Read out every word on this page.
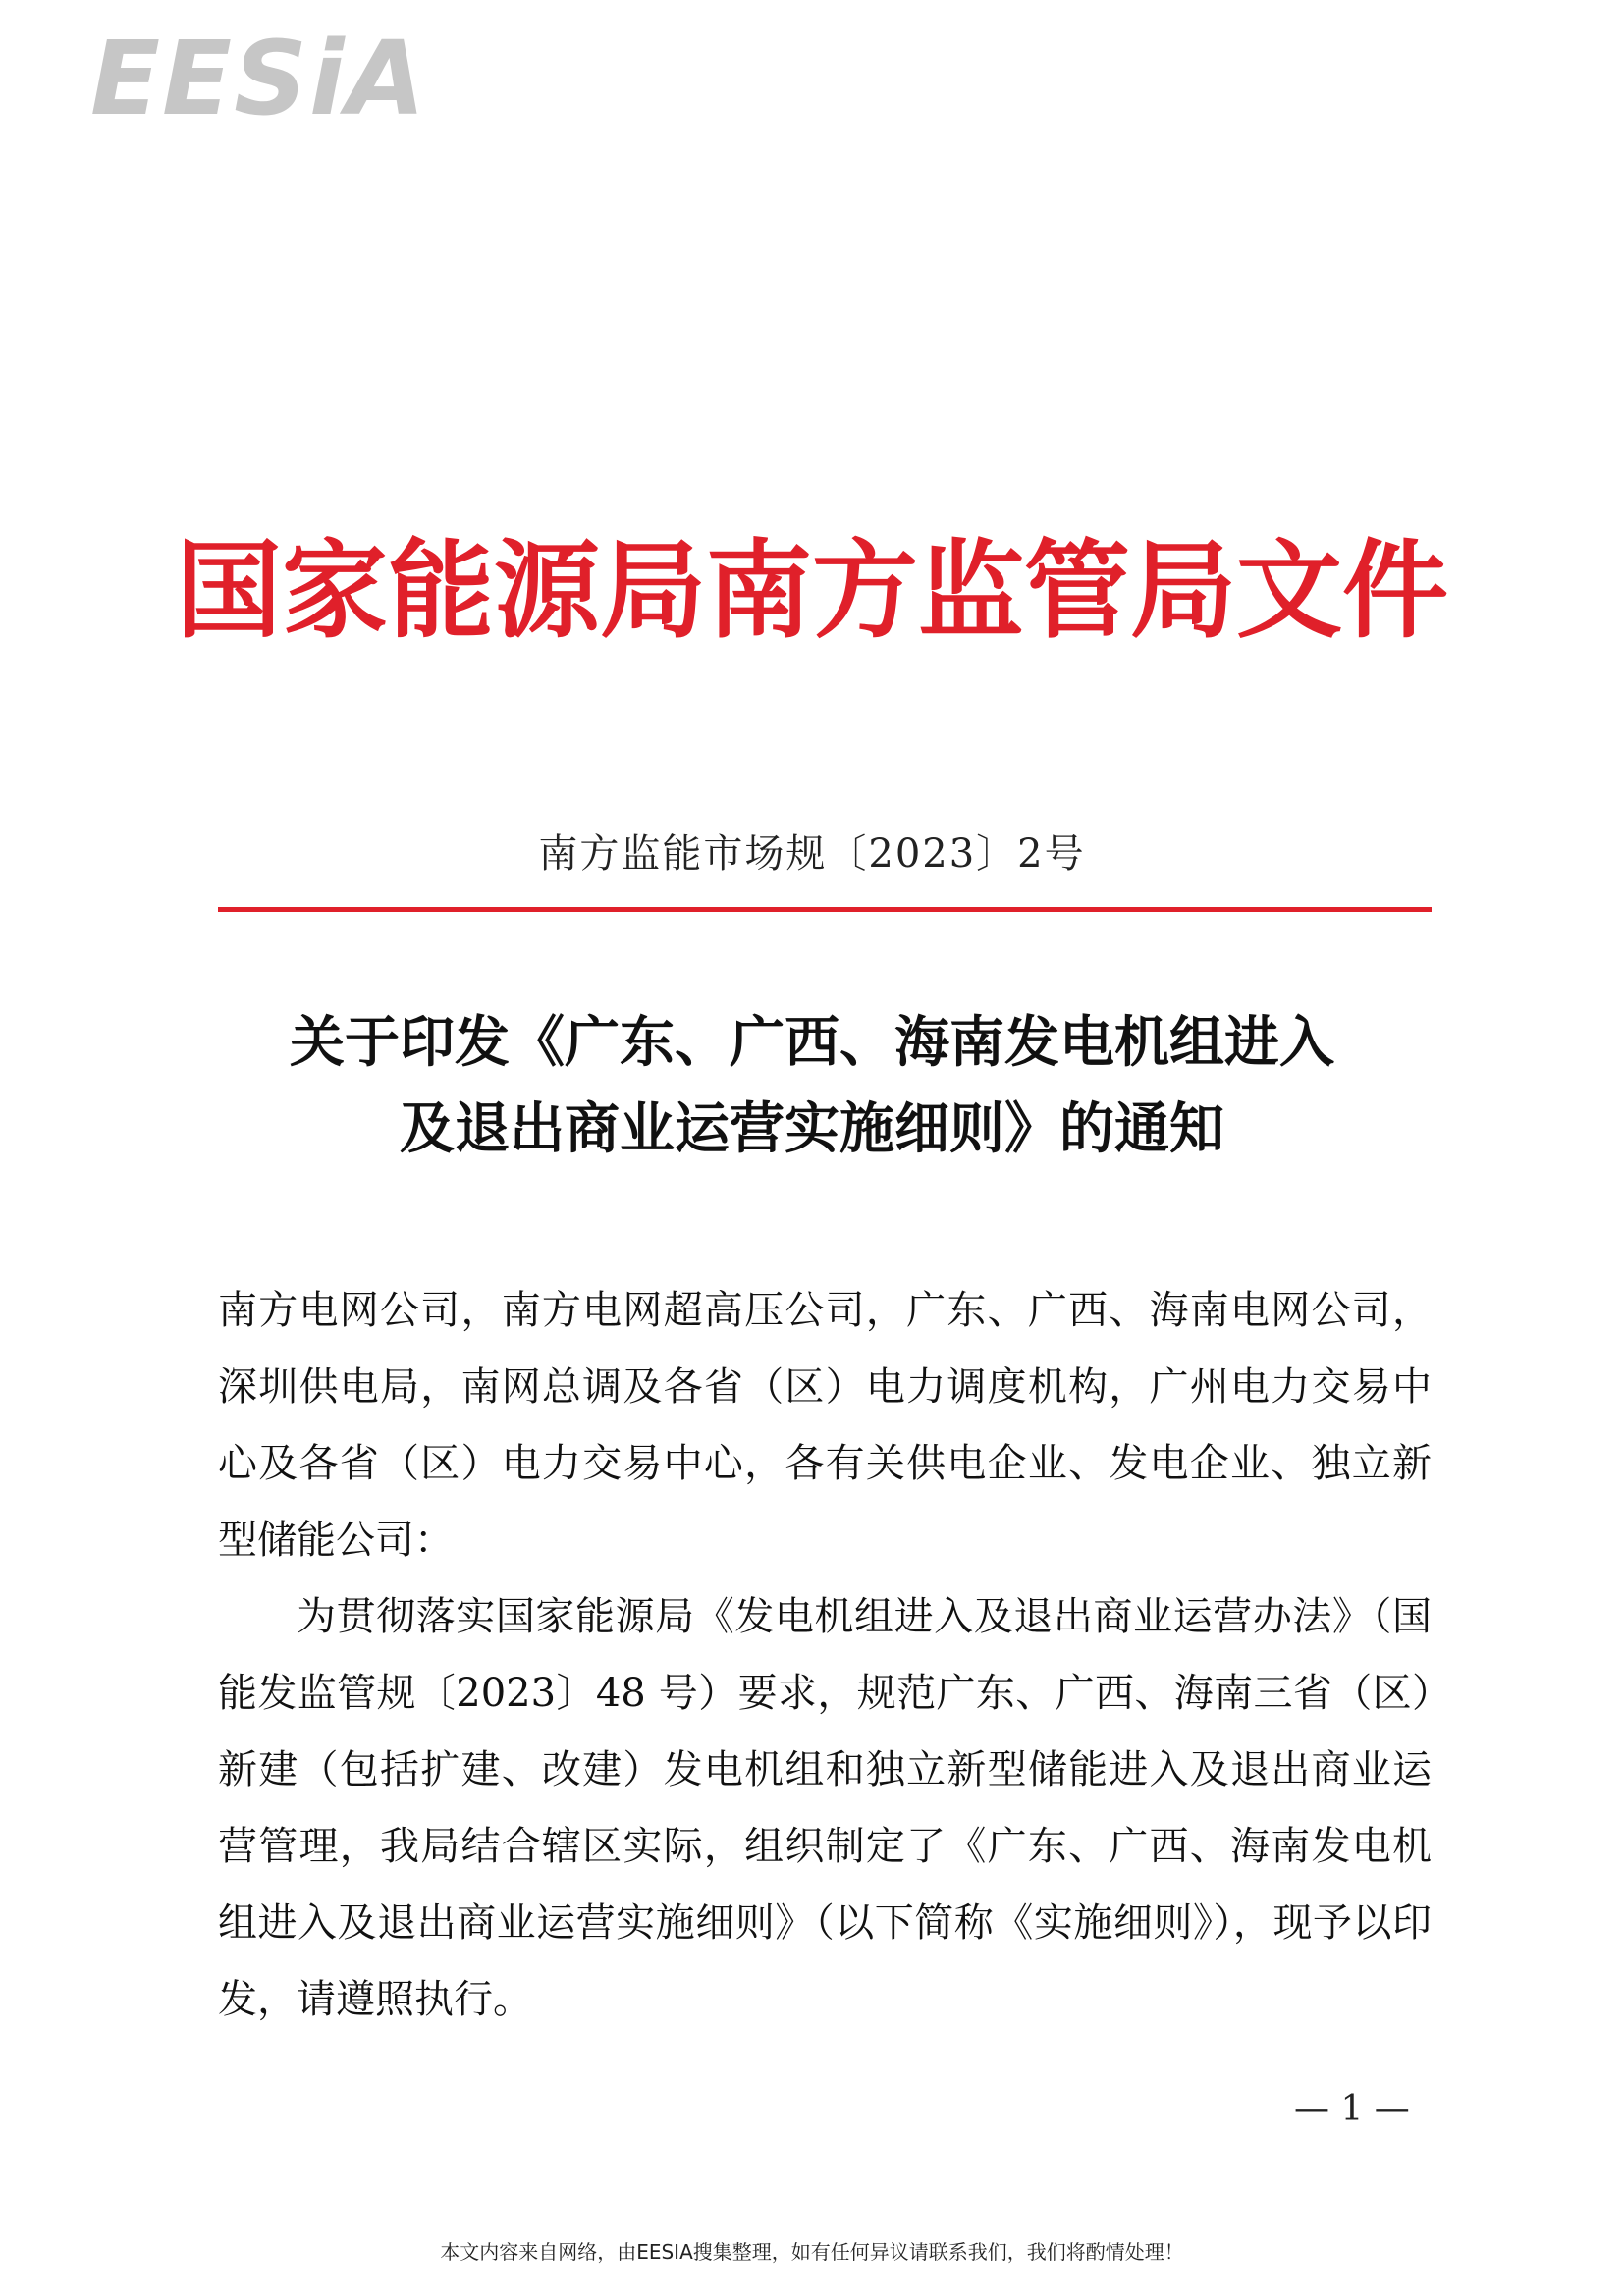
EESiA
国家能源局南方监管局文件
南方监能市场规〔2023〕2号
关于印发《广东、广西、海南发电机组进入
及退出商业运营实施细则》的通知

南方电网公司，南方电网超高压公司，广东、广西、海南电网公司，深圳供电局，南网总调及各省（区）电力调度机构，广州电力交易中心及各省（区）电力交易中心，各有关供电企业、发电企业、独立新型储能公司：

为贯彻落实国家能源局《发电机组进入及退出商业运营办法》（国能发监管规〔2023〕48 号）要求，规范广东、广西、海南三省（区）新建（包括扩建、改建）发电机组和独立新型储能进入及退出商业运营管理，我局结合辖区实际，组织制定了《广东、广西、海南发电机组进入及退出商业运营实施细则》（以下简称《实施细则》），现予以印发，请遵照执行。

— 1 —
本文内容来自网络，由EESIA搜集整理，如有任何异议请联系我们，我们将酌情处理！
